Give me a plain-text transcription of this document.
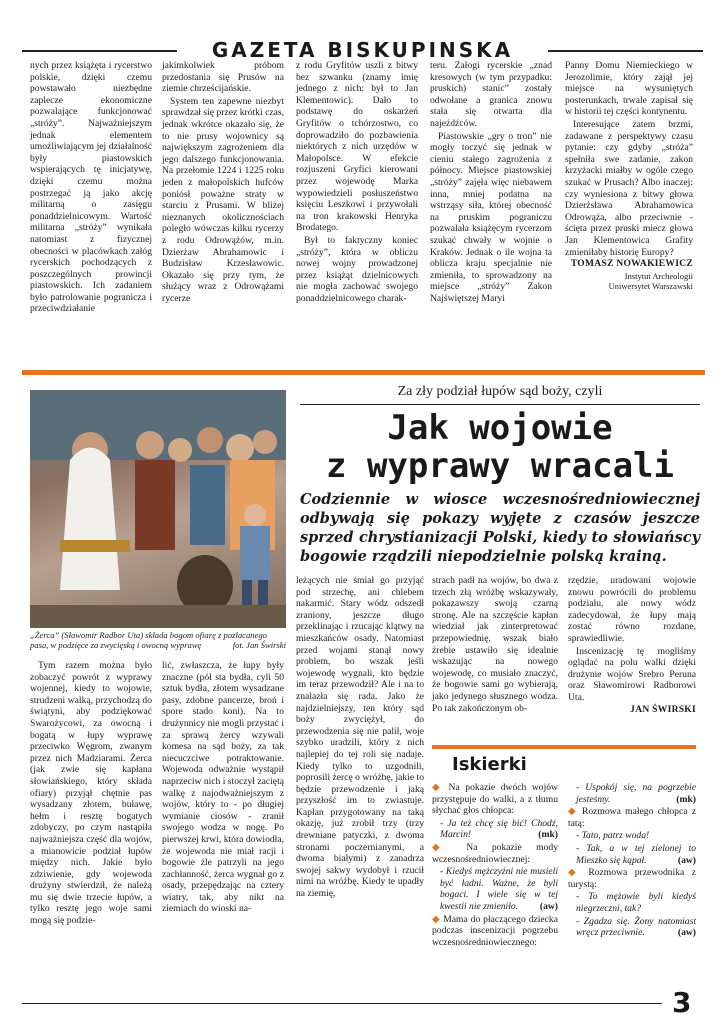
GAZETA BISKUPINSKA

nych przez książęta i rycerstwo polskie, dzięki czemu powstawało niezbędne zaplecze ekonomiczne pozwalające funkcjonować „stróży”. Najważniejszym jednak elementem umożliwiającym jej działalność były piastowskich wspierających tę inicjatywę, dzięki czemu można postrzegać ją jako akcję militarną o zasięgu ponaddzielnicowym. Wartość militarna „stróży” wynikała natomiast z fizycznej obecności w placówkach załóg rycerskich pochodzących z poszczególnych prowincji piastowskich. Ich zadaniem było patrolowanie pogranicza i przeciwdziałanie

jakimkolwiek próbom przedostania się Prusów na ziemie chrześcijańskie.

System ten zapewne niezbyt sprawdzał się przez krótki czas, jednak wkrótce okazało się, że to nie prusy wojownicy są największym zagrożeniem dla jego dalszego funkcjonowania. Na przełomie 1224 i 1225 roku jeden z małopolskich hufców poniósł poważne straty w starciu z Prusami. W bliżej nieznanych okolicznościach poległo wówczas kilku rycerzy z rodu Odrowążów, m.in. Dzierżaw Abrahamowic i Budzisław Krzesławowic. Okazało się przy tym, że służący wraz z Odrowążami rycerze

z rodu Gryfitów uszli z bitwy bez szwanku (znamy imię jednego z nich: był to Jan Klementowic). Dało to podstawę do oskarżeń Gryfitów o tchórzostwo, co doprowadziło do pozbawienia niektórych z nich urzędów w Małopolsce. W efekcie rozjuszeni Gryfici kierowani przez wojewodę Marka wypowiedzieli posłuszeństwo księciu Leszkowi i przywołali na tron krakowski Henryka Brodatego.

Był to faktyczny koniec „stróży”, która w obliczu nowej wojny prowadzonej przez książąt dzielnicowych nie mogła zachować swojego ponaddzielnicowego charak-

teru. Załogi rycerskie „znad kresowych (w tym przypadku: pruskich) stanic” zostały odwołane a granica znowu stała się otwarta dla najeźdźców.

Piastowskie „gry o tron” nie mogły toczyć się jednak w cieniu stałego zagrożenia z północy. Miejsce piastowskiej „stróży” zajęła więc niebawem inna, mniej podatna na wstrząsy siła, której obecność na pruskim pograniczu pozwalała książęcym rycerzom szukać chwały w wojnie o Kraków. Jednak o ile wojna ta oblicza kraju specjalnie nie zmieniła, to sprowadzony na miejsce „stróży” Zakon Najświętszej Maryi

Panny Domu Niemieckiego w Jerozolimie, który zajął jej miejsce na wysuniętych posterunkach, trwale zapisał się w historii tej części kontynentu.

Interesujące zatem brzmi, zadawane z perspektywy czasu pytanie: czy gdyby „stróża” spełniła swe zadanie, zakon krzyżacki miałby w ogóle czego szukać w Prusach? Albo inaczej: czy wyniesiona z bitwy głowa Dzierżsława Abrahamowica Odrowąża, albo przeciwnie - ścięta przez pruski miecz głowa Jan Klementowica Grafity zmieniłaby historię Europy?

TOMASZ NOWAKIEWICZ
Instytut Archeologii
Uniwersytet Warszawski
„Żerca” (Sławomir Radbor Uta) składa bogom ofiarę z pozłacanego pasa, w podzięce za zwycięską i owocną wyprawę	fot. Jan Świrski
Za zły podział łupów sąd boży, czyli
Jak wojowie
z wyprawy wracali
Codziennie w wiosce wczesnośredniowiecznej odbywają się pokazy wyjęte z czasów jeszcze sprzed chrystianizacji Polski, kiedy to słowiańscy bogowie rządzili niepodzielnie polską krainą.

Tym razem można było zobaczyć powrót z wyprawy wojennej, kiedy to wojowie, strudzeni walką, przychodzą do świątyni, aby podziękować Swarożycowi, za owocną i bogatą w łupy wyprawę przeciwko Węgrom, zwanym przez nich Madziarami. Żerca (jak zwie się kapłana słowiańskiego, który składa ofiary) przyjął chętnie pas wysadzany złotem, buławę, hełm i resztę bogatych zdobyczy, po czym nastąpiła najważniejsza część dla wojów, a mianowicie podział łupów między nich. Jakie było zdziwienie, gdy wojewoda drużyny stwierdził, że należą mu się dwie trzecie łupów, a tylko resztę jego woje sami mogą się podzie-

lić, zwłaszcza, że łupy były znaczne (pół sta bydła, cyli 50 sztuk bydła, złotem wysadzane pasy, zdobne pancerze, broń i spore stado koni). Na to drużynnicy nie mogli przystać i za sprawą żercy wzywali komesa na sąd boży, za tak niecuczciwe potraktowanie. Wojewoda odważnie wystąpił naprzeciw nich i stoczył zaciętą walkę z najodważniejszym z wojów, który to - po długiej wymianie ciosów - zranił swojego wodza w nogę. Po pierwszej krwi, która dowiodła, że wojewoda nie miał racji i bogowie źle patrzyli na jego zachłanność, żerca wygnał go z osady, przepędzając na cztery wiatry, tak, aby nikt na ziemiach do wioski na-

leżących nie śmiał go przyjąć pod strzechę, ani chlebem nakarmić. Stary wódz odszedł zraniony, jeszcze długo przeklinając i rzucając klątwy na mieszkańców osady. Natomiast przed wojami stanął nowy problem, bo wszak jeśli wojewodę wygnali, kto będzie im teraz przewodził? Ale i na to znalazła się rada. Jako że najdzielniejszy, ten który sąd boży zwyciężył, do przewodzenia się nie palił, woje szybko uradzili, który z nich najlepiej do tej roli się nadaje. Kiedy tylko to uzgodnili, poprosili żercę o wróżbę, jakie to będzie przewodzenie i jaką przyszłość im to zwiastuje. Kapłan przygotowany na taką okazję, już zrobił trzy (trzy drewniane patyczki, z dwoma stronami poczernianymi, a dwoma białymi) z zanadrza swojej sakwy wydobył i rzucił nimi na wróżbę. Kiedy te upadły na ziemię,

strach padł na wojów, bo dwa z trzech złą wróżbę wskazywały, pokazawszy swoją czarną stronę. Ale na szczęście kapłan wiedział jak zinterpretować przepowiednię, wszak biało żrebie ustawiło się idealnie wskazując na nowego wojewodę, co musiało znaczyć, że bogowie sami go wybierają, jako jedynego słusznego wodza. Po tak zakończonym ob-

rzędzie, uradowani wojowie znowu powrócili do problemu podziału, ale nowy wódz zadecydował, że łupy mają zostać równo rozdane, sprawiedliwie.

Inscenizację tę mogliśmy oglądać na polu walki dzięki drużynie wojów Srebro Peruna oraz Sławomirowi Radborowi Uta.

JAN ŚWIRSKI
Iskierki

◆ Na pokazie dwóch wojów przystępuje do walki, a z tłumu słychać głos chłopca:

- Ja też chcę się bić! Chodź, Marcin!	(mk)

◆ Na pokazie mody wczesnośredniowiecznej:

- Kiedyś mężczyźni nie musieli być ładni. Ważne, że byli bogaci. I wiele się w tej kwestii nie zmieniło. (aw)

◆ Mama do płaczącego dziecka podczas inscenizacji pogrzebu wczesnośredniowiecznego:

- Uspokój się, na pogrzebie jesteśmy.	(mk)

◆ Rozmowa małego chłopca z tatą:

- Tato, patrz woda!

- Tak, a w tej zielonej to Mieszko się kąpał.	(aw)

◆ Rozmowa przewodnika z turystą:

- To mężowie byli kiedyś niegrzeczni, tak?

- Zgadza się. Żony natomiast wręcz przeciwnie.	(aw)

3
